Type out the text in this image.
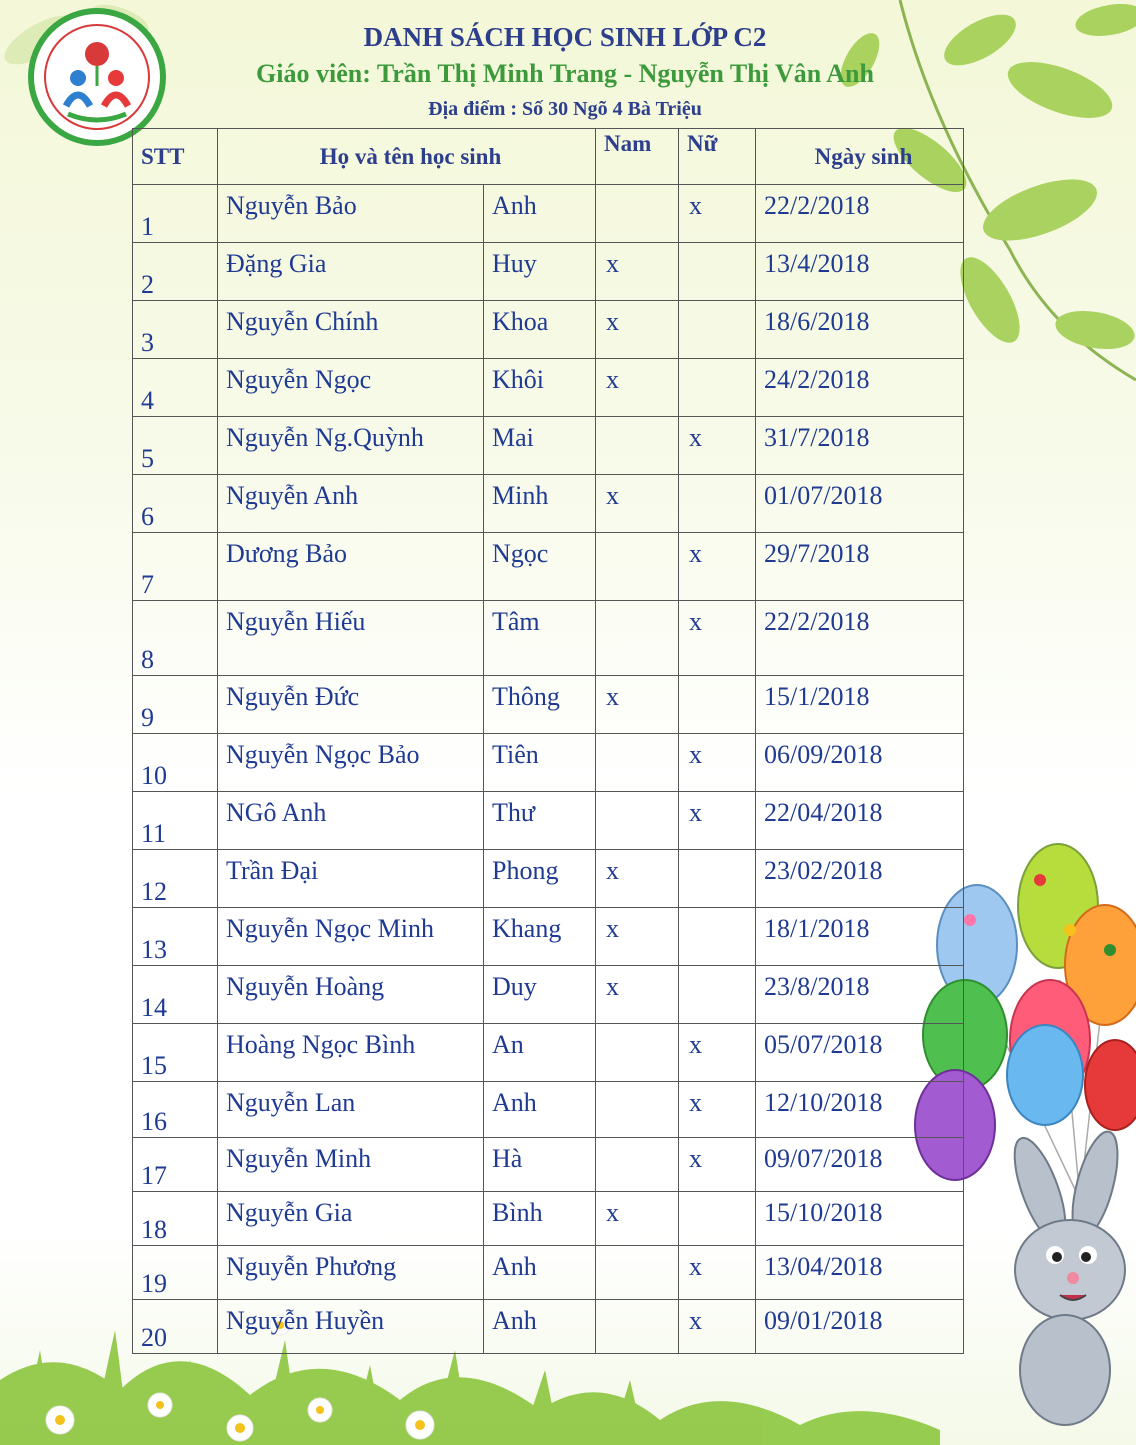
DANH SÁCH HỌC SINH LỚP C2
Giáo viên: Trần Thị Minh Trang - Nguyễn Thị Vân Anh
Địa điểm : Số 30 Ngõ 4 Bà Triệu
STT	Họ và tên học sinh		Nam	Nữ	Ngày sinh
1	Nguyễn Bảo	Anh		x	22/2/2018
2	Đặng Gia	Huy	x		13/4/2018
3	Nguyễn Chính	Khoa	x		18/6/2018
4	Nguyễn Ngọc	Khôi	x		24/2/2018
5	Nguyễn Ng.Quỳnh	Mai		x	31/7/2018
6	Nguyễn Anh	Minh	x		01/07/2018
7	Dương Bảo	Ngọc		x	29/7/2018
8	Nguyễn Hiếu	Tâm		x	22/2/2018
9	Nguyễn Đức	Thông	x		15/1/2018
10	Nguyễn Ngọc Bảo	Tiên		x	06/09/2018
11	NGô Anh	Thư		x	22/04/2018
12	Trần Đại	Phong	x		23/02/2018
13	Nguyễn Ngọc Minh	Khang	x		18/1/2018
14	Nguyễn Hoàng	Duy	x		23/8/2018
15	Hoàng Ngọc Bình	An		x	05/07/2018
16	Nguyễn Lan	Anh		x	12/10/2018
17	Nguyễn Minh	Hà		x	09/07/2018
18	Nguyễn Gia	Bình	x		15/10/2018
19	Nguyễn Phương	Anh		x	13/04/2018
20	Nguyễn Huyền	Anh		x	09/01/2018
